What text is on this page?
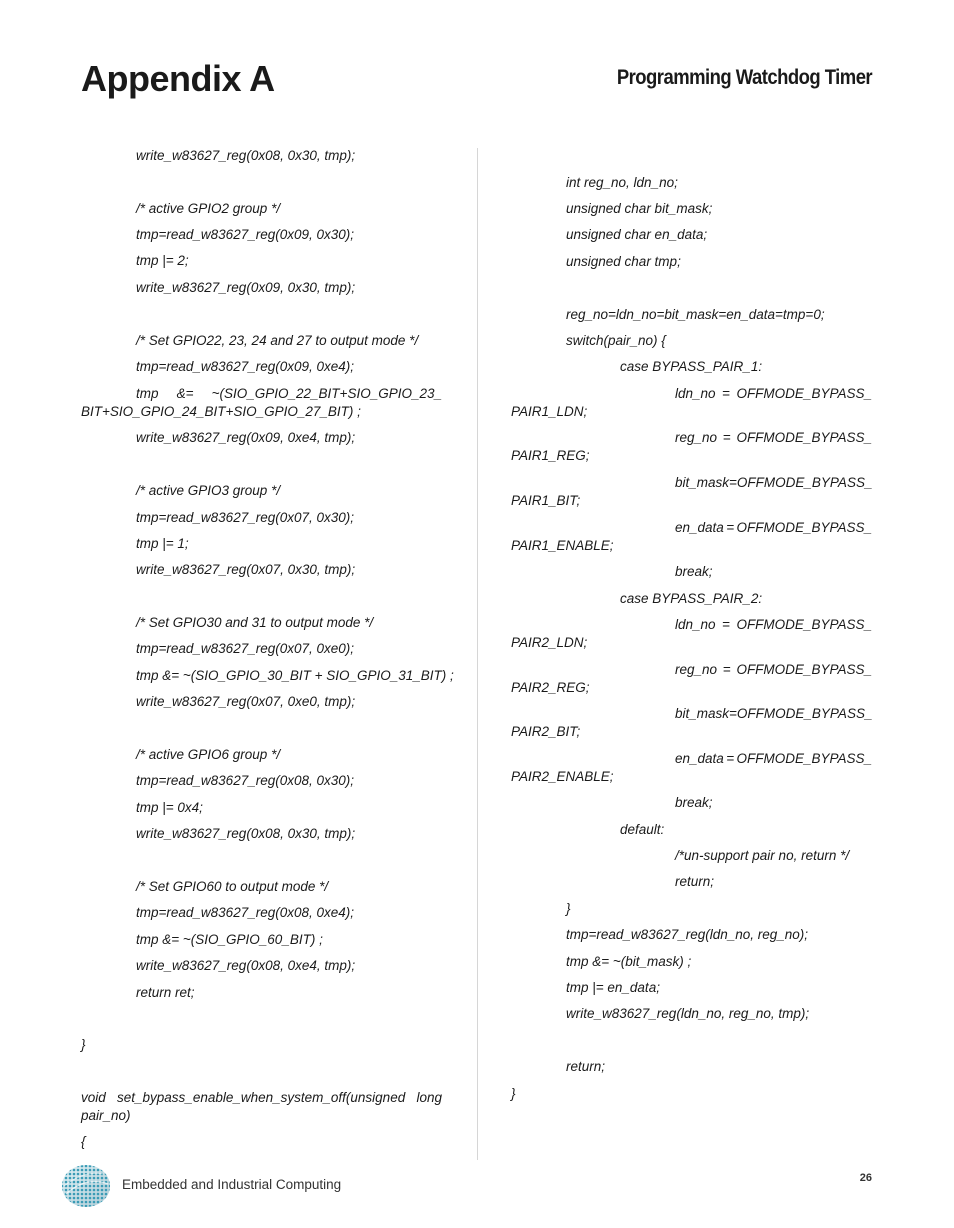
Appendix A	Programming Watchdog Timer
write_w83627_reg(0x08, 0x30, tmp);
/* active GPIO2 group */
tmp=read_w83627_reg(0x09, 0x30);
tmp |= 2;
write_w83627_reg(0x09, 0x30, tmp);
/* Set GPIO22, 23, 24 and 27 to output mode */
tmp=read_w83627_reg(0x09, 0xe4);
tmp &= ~(SIO_GPIO_22_BIT+SIO_GPIO_23_
BIT+SIO_GPIO_24_BIT+SIO_GPIO_27_BIT) ;
write_w83627_reg(0x09, 0xe4, tmp);
/* active GPIO3 group */
tmp=read_w83627_reg(0x07, 0x30);
tmp |= 1;
write_w83627_reg(0x07, 0x30, tmp);
/* Set GPIO30 and 31 to output mode */
tmp=read_w83627_reg(0x07, 0xe0);
tmp &= ~(SIO_GPIO_30_BIT + SIO_GPIO_31_BIT) ;
write_w83627_reg(0x07, 0xe0, tmp);
/* active GPIO6 group */
tmp=read_w83627_reg(0x08, 0x30);
tmp |= 0x4;
write_w83627_reg(0x08, 0x30, tmp);
/* Set GPIO60 to output mode */
tmp=read_w83627_reg(0x08, 0xe4);
tmp &= ~(SIO_GPIO_60_BIT) ;
write_w83627_reg(0x08, 0xe4, tmp);
return ret;
}
void set_bypass_enable_when_system_off(unsigned long
pair_no)
{
int reg_no, ldn_no;
unsigned char bit_mask;
unsigned char en_data;
unsigned char tmp;
reg_no=ldn_no=bit_mask=en_data=tmp=0;
switch(pair_no) {
case BYPASS_PAIR_1:
ldn_no = OFFMODE_BYPASS_
PAIR1_LDN;
reg_no = OFFMODE_BYPASS_
PAIR1_REG;
bit_mask = OFFMODE_BYPASS_
PAIR1_BIT;
en_data = OFFMODE_BYPASS_
PAIR1_ENABLE;
break;
case BYPASS_PAIR_2:
ldn_no = OFFMODE_BYPASS_
PAIR2_LDN;
reg_no = OFFMODE_BYPASS_
PAIR2_REG;
bit_mask = OFFMODE_BYPASS_
PAIR2_BIT;
en_data = OFFMODE_BYPASS_
PAIR2_ENABLE;
break;
default:
/*un-support pair no, return */
return;
}
tmp=read_w83627_reg(ldn_no, reg_no);
tmp &= ~(bit_mask) ;
tmp |= en_data;
write_w83627_reg(ldn_no, reg_no, tmp);
return;
}
Embedded and Industrial Computing	26
